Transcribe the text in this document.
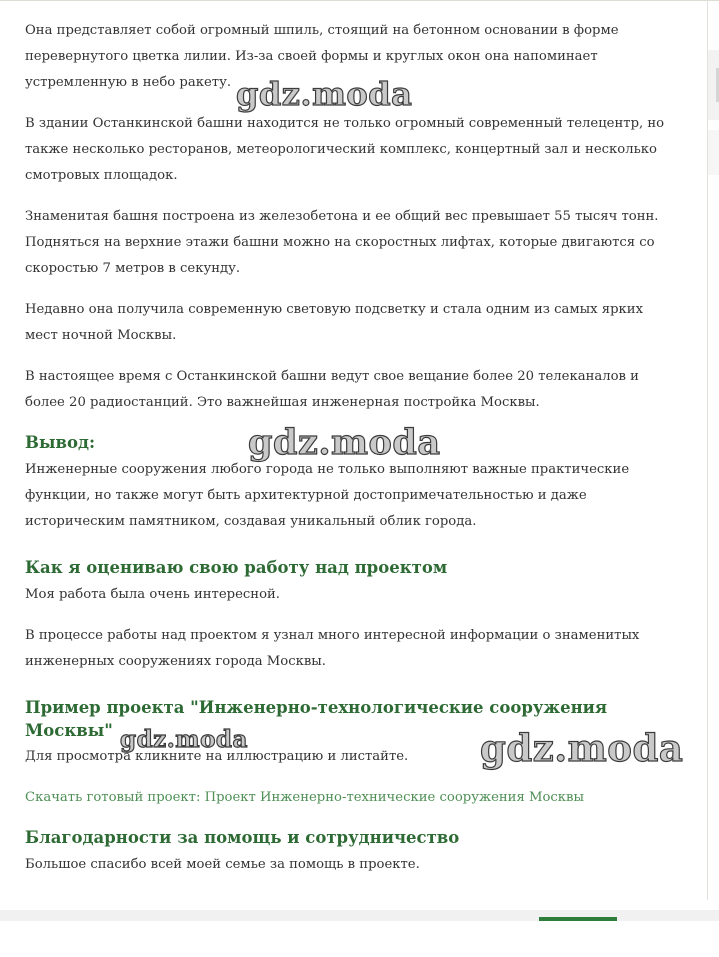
Она представляет собой огромный шпиль, стоящий на бетонном основании в форме перевернутого цветка лилии. Из-за своей формы и круглых окон она напоминает устремленную в небо ракету.

В здании Останкинской башни находится не только огромный современный телецентр, но также несколько ресторанов, метеорологический комплекс, концертный зал и несколько смотровых площадок.

Знаменитая башня построена из железобетона и ее общий вес превышает 55 тысяч тонн. Подняться на верхние этажи башни можно на скоростных лифтах, которые двигаются со скоростью 7 метров в секунду.

Недавно она получила современную световую подсветку и стала одним из самых ярких мест ночной Москвы.

В настоящее время с Останкинской башни ведут свое вещание более 20 телеканалов и более 20 радиостанций. Это важнейшая инженерная постройка Москвы.

Вывод:

Инженерные сооружения любого города не только выполняют важные практические функции, но также могут быть архитектурной достопримечательностью и даже историческим памятником, создавая уникальный облик города.

Как я оцениваю свою работу над проектом

Моя работа была очень интересной.

В процессе работы над проектом я узнал много интересной информации о знаменитых инженерных сооружениях города Москвы.

Пример проекта "Инженерно-технологические сооружения Москвы"

Для просмотра кликните на иллюстрацию и листайте.

Скачать готовый проект: Проект Инженерно-технические сооружения Москвы
Благодарности за помощь и сотрудничество

Большое спасибо всей моей семье за помощь в проекте.

gdz.moda
gdz.moda
gdz.moda	gdz.moda
